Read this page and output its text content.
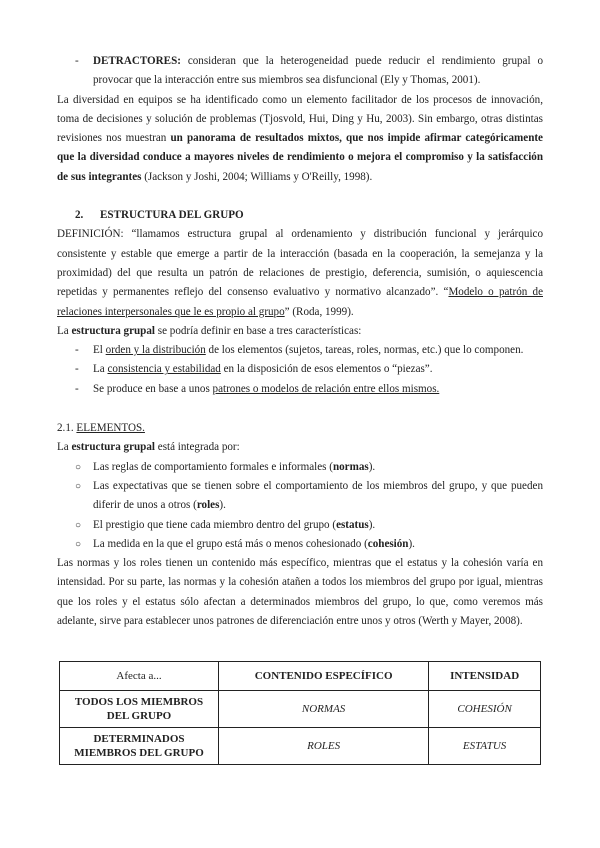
- DETRACTORES: consideran que la heterogeneidad puede reducir el rendimiento grupal o provocar que la interacción entre sus miembros sea disfuncional (Ely y Thomas, 2001).

La diversidad en equipos se ha identificado como un elemento facilitador de los procesos de innovación, toma de decisiones y solución de problemas (Tjosvold, Hui, Ding y Hu, 2003). Sin embargo, otras distintas revisiones nos muestran un panorama de resultados mixtos, que nos impide afirmar categóricamente que la diversidad conduce a mayores niveles de rendimiento o mejora el compromiso y la satisfacción de sus integrantes (Jackson y Joshi, 2004; Williams y O'Reilly, 1998).

2. ESTRUCTURA DEL GRUPO

DEFINICIÓN: “llamamos estructura grupal al ordenamiento y distribución funcional y jerárquico consistente y estable que emerge a partir de la interacción (basada en la cooperación, la semejanza y la proximidad) del que resulta un patrón de relaciones de prestigio, deferencia, sumisión, o aquiescencia repetidas y permanentes reflejo del consenso evaluativo y normativo alcanzado”. “Modelo o patrón de relaciones interpersonales que le es propio al grupo” (Roda, 1999).

La estructura grupal se podría definir en base a tres características:

- El orden y la distribución de los elementos (sujetos, tareas, roles, normas, etc.) que lo componen.
- La consistencia y estabilidad en la disposición de esos elementos o “piezas”.
- Se produce en base a unos patrones o modelos de relación entre ellos mismos.

2.1. ELEMENTOS.

La estructura grupal está integrada por:

○ Las reglas de comportamiento formales e informales (normas).
○ Las expectativas que se tienen sobre el comportamiento de los miembros del grupo, y que pueden diferir de unos a otros (roles).
○ El prestigio que tiene cada miembro dentro del grupo (estatus).
○ La medida en la que el grupo está más o menos cohesionado (cohesión).

Las normas y los roles tienen un contenido más específico, mientras que el estatus y la cohesión varía en intensidad. Por su parte, las normas y la cohesión atañen a todos los miembros del grupo por igual, mientras que los roles y el estatus sólo afectan a determinados miembros del grupo, lo que, como veremos más adelante, sirve para establecer unos patrones de diferenciación entre unos y otros (Werth y Mayer, 2008).

Afecta a...	CONTENIDO ESPECÍFICO	INTENSIDAD
TODOS LOS MIEMBROS DEL GRUPO	NORMAS	COHESIÓN
DETERMINADOS MIEMBROS DEL GRUPO	ROLES	ESTATUS
